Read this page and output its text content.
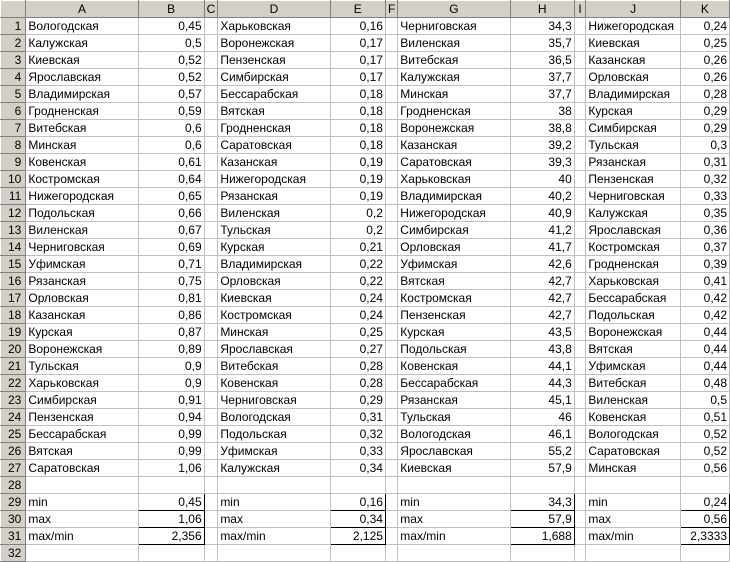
	A	B	C	D	E	F	G	H	I	J	K
1	Вологодская	0,45		Харьковская	0,16		Черниговская	34,3		Нижегородская	0,24
2	Калужская	0,5		Воронежская	0,17		Виленская	35,7		Киевская	0,25
3	Киевская	0,52		Пензенская	0,17		Витебская	36,5		Казанская	0,26
4	Ярославская	0,52		Симбирская	0,17		Калужская	37,7		Орловская	0,26
5	Владимирская	0,57		Бессарабская	0,18		Минская	37,7		Владимирская	0,28
6	Гродненская	0,59		Вятская	0,18		Гродненская	38		Курская	0,29
7	Витебская	0,6		Гродненская	0,18		Воронежская	38,8		Симбирская	0,29
8	Минская	0,6		Саратовская	0,18		Казанская	39,2		Тульская	0,3
9	Ковенская	0,61		Казанская	0,19		Саратовская	39,3		Рязанская	0,31
10	Костромская	0,64		Нижегородская	0,19		Харьковская	40		Пензенская	0,32
11	Нижегородская	0,65		Рязанская	0,19		Владимирская	40,2		Черниговская	0,33
12	Подольская	0,66		Виленская	0,2		Нижегородская	40,9		Калужская	0,35
13	Виленская	0,67		Тульская	0,2		Симбирская	41,2		Ярославская	0,36
14	Черниговская	0,69		Курская	0,21		Орловская	41,7		Костромская	0,37
15	Уфимская	0,71		Владимирская	0,22		Уфимская	42,6		Гродненская	0,39
16	Рязанская	0,75		Орловская	0,22		Вятская	42,7		Харьковская	0,41
17	Орловская	0,81		Киевская	0,24		Костромская	42,7		Бессарабская	0,42
18	Казанская	0,86		Костромская	0,24		Пензенская	42,7		Подольская	0,42
19	Курская	0,87		Минская	0,25		Курская	43,5		Воронежская	0,44
20	Воронежская	0,89		Ярославская	0,27		Подольская	43,8		Вятская	0,44
21	Тульская	0,9		Витебская	0,28		Ковенская	44,1		Уфимская	0,44
22	Харьковская	0,9		Ковенская	0,28		Бессарабская	44,3		Витебская	0,48
23	Симбирская	0,91		Черниговская	0,29		Рязанская	45,1		Виленская	0,5
24	Пензенская	0,94		Вологодская	0,31		Тульская	46		Ковенская	0,51
25	Бессарабская	0,99		Подольская	0,32		Вологодская	46,1		Вологодская	0,52
26	Вятская	0,99		Уфимская	0,33		Ярославская	55,2		Саратовская	0,52
27	Саратовская	1,06		Калужская	0,34		Киевская	57,9		Минская	0,56
28											
29	min	0,45		min	0,16		min	34,3		min	0,24
30	max	1,06		max	0,34		max	57,9		max	0,56
31	max/min	2,356		max/min	2,125		max/min	1,688		max/min	2,3333
32											
